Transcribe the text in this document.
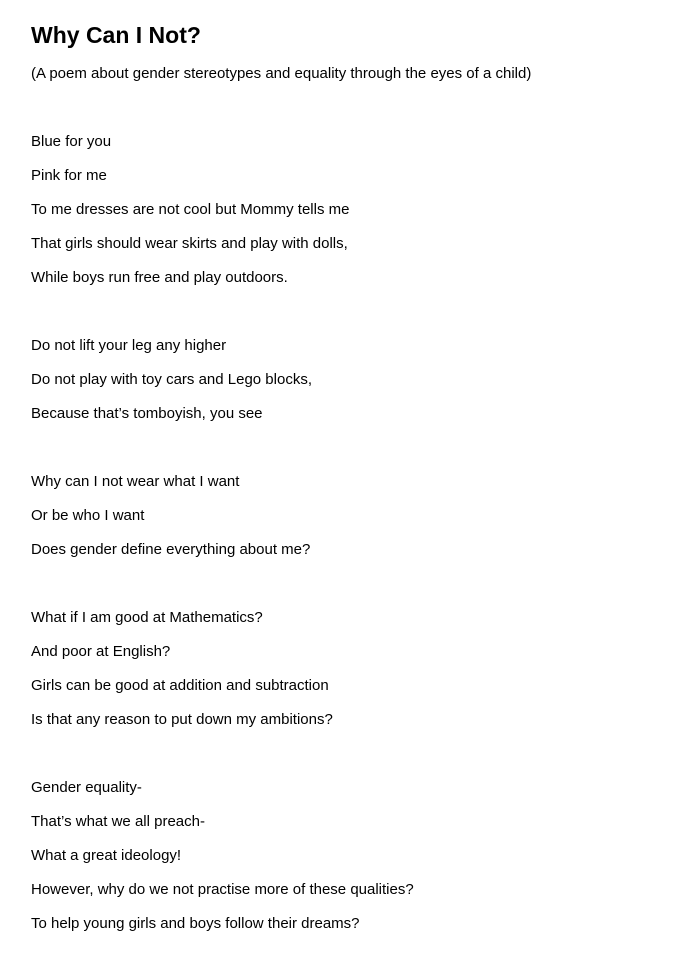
Why Can I Not?
(A poem about gender stereotypes and equality through the eyes of a child)
Blue for you
Pink for me
To me dresses are not cool but Mommy tells me
That girls should wear skirts and play with dolls,
While boys run free and play outdoors.
Do not lift your leg any higher
Do not play with toy cars and Lego blocks,
Because that’s tomboyish, you see
Why can I not wear what I want
Or be who I want
Does gender define everything about me?
What if I am good at Mathematics?
And poor at English?
Girls can be good at addition and subtraction
Is that any reason to put down my ambitions?
Gender equality-
That’s what we all preach-
What a great ideology!
However, why do we not practise more of these qualities?
To help young girls and boys follow their dreams?
